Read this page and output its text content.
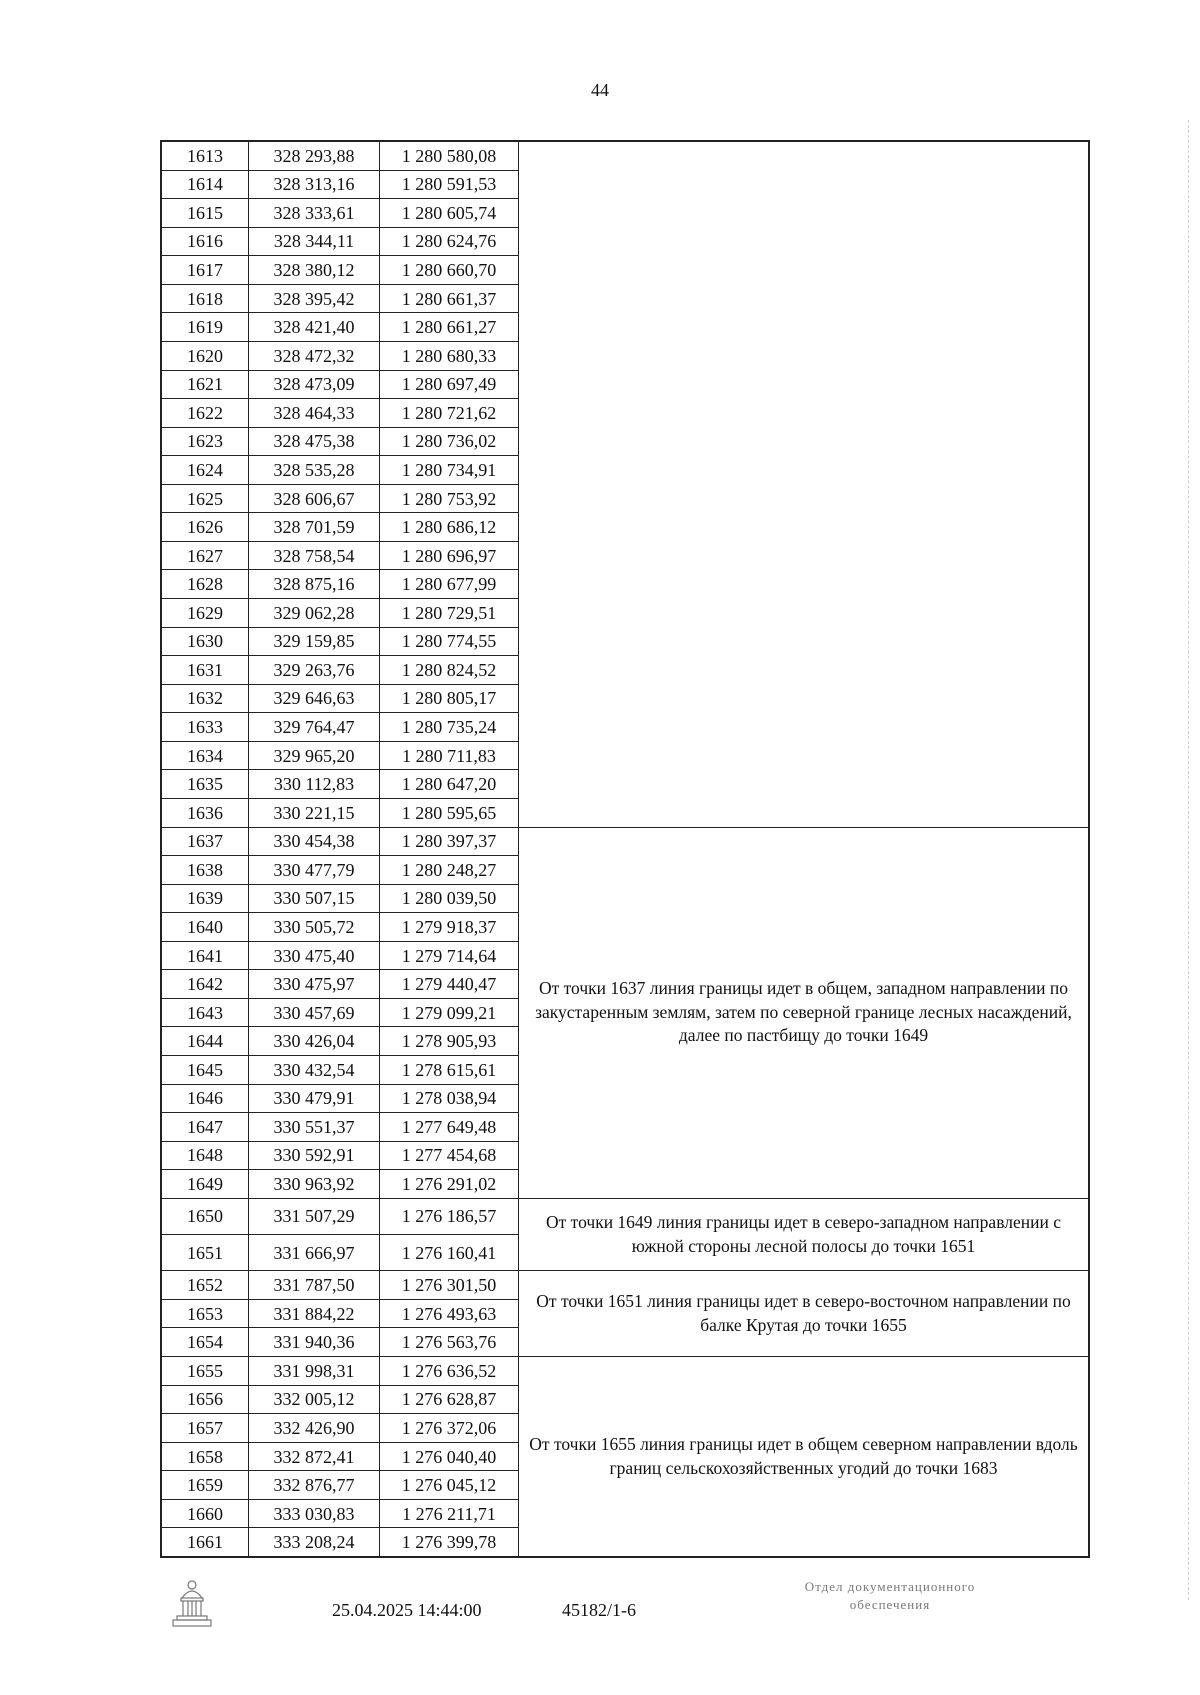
44
1613	328 293,88	1 280 580,08	
1614	328 313,16	1 280 591,53	
1615	328 333,61	1 280 605,74	
1616	328 344,11	1 280 624,76	
1617	328 380,12	1 280 660,70	
1618	328 395,42	1 280 661,37	
1619	328 421,40	1 280 661,27	
1620	328 472,32	1 280 680,33	
1621	328 473,09	1 280 697,49	
1622	328 464,33	1 280 721,62	
1623	328 475,38	1 280 736,02	
1624	328 535,28	1 280 734,91	
1625	328 606,67	1 280 753,92	
1626	328 701,59	1 280 686,12	
1627	328 758,54	1 280 696,97	
1628	328 875,16	1 280 677,99	
1629	329 062,28	1 280 729,51	
1630	329 159,85	1 280 774,55	
1631	329 263,76	1 280 824,52	
1632	329 646,63	1 280 805,17	
1633	329 764,47	1 280 735,24	
1634	329 965,20	1 280 711,83	
1635	330 112,83	1 280 647,20	
1636	330 221,15	1 280 595,65	
1637	330 454,38	1 280 397,37	От точки 1637 линия границы идет в общем, западном направлении по закустаренным землям, затем по северной границе лесных насаждений, далее по пастбищу до точки 1649
1638	330 477,79	1 280 248,27	
1639	330 507,15	1 280 039,50	
1640	330 505,72	1 279 918,37	
1641	330 475,40	1 279 714,64	
1642	330 475,97	1 279 440,47	
1643	330 457,69	1 279 099,21	
1644	330 426,04	1 278 905,93	
1645	330 432,54	1 278 615,61	
1646	330 479,91	1 278 038,94	
1647	330 551,37	1 277 649,48	
1648	330 592,91	1 277 454,68	
1649	330 963,92	1 276 291,02	
1650	331 507,29	1 276 186,57	От точки 1649 линия границы идет в северо-западном направлении с южной стороны лесной полосы до точки 1651
1651	331 666,97	1 276 160,41	
1652	331 787,50	1 276 301,50	От точки 1651 линия границы идет в северо-восточном направлении по балке Крутая до точки 1655
1653	331 884,22	1 276 493,63	
1654	331 940,36	1 276 563,76	
1655	331 998,31	1 276 636,52	От точки 1655 линия границы идет в общем северном направлении вдоль границ сельскохозяйственных угодий до точки 1683
1656	332 005,12	1 276 628,87	
1657	332 426,90	1 276 372,06	
1658	332 872,41	1 276 040,40	
1659	332 876,77	1 276 045,12	
1660	333 030,83	1 276 211,71	
1661	333 208,24	1 276 399,78	
25.04.2025 14:44:00	45182/1-6
Отдел документационного
обеспечения
